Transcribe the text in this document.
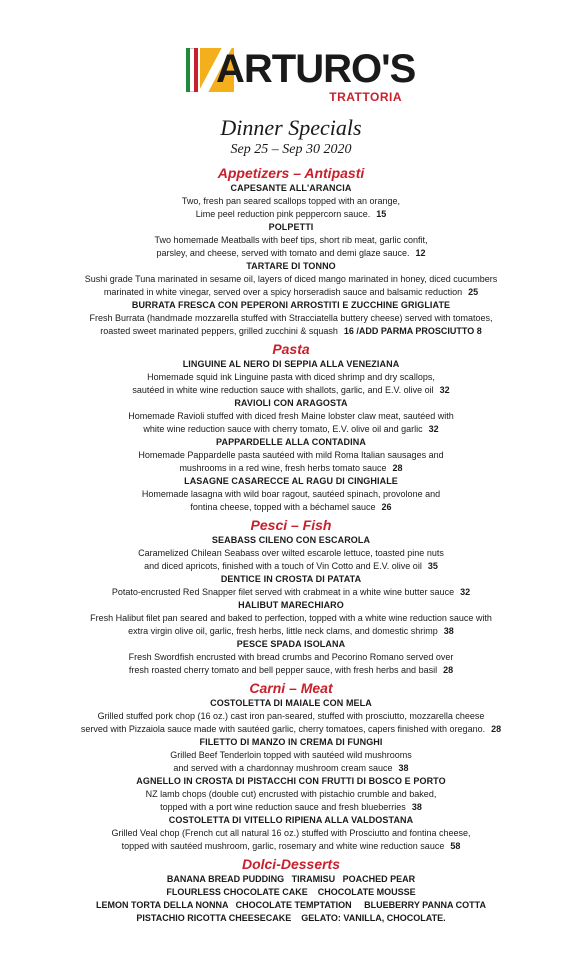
ARTURO'S
TRATTORIA
Dinner Specials
Sep 25 – Sep 30 2020
Appetizers – Antipasti
CAPESANTE ALL'ARANCIA
Two, fresh pan seared scallops topped with an orange,
Lime peel reduction pink peppercorn sauce. 15
POLPETTI
Two homemade Meatballs with beef tips, short rib meat, garlic confit,
parsley, and cheese, served with tomato and demi glaze sauce. 12
TARTARE DI TONNO
Sushi grade Tuna marinated in sesame oil, layers of diced mango marinated in honey, diced cucumbers
marinated in white vinegar, served over a spicy horseradish sauce and balsamic reduction 25
BURRATA FRESCA CON PEPERONI ARROSTITI E ZUCCHINE GRIGLIATE
Fresh Burrata (handmade mozzarella stuffed with Stracciatella buttery cheese) served with tomatoes,
roasted sweet marinated peppers, grilled zucchini & squash 16 /ADD PARMA PROSCIUTTO 8
Pasta
LINGUINE AL NERO DI SEPPIA ALLA VENEZIANA
Homemade squid ink Linguine pasta with diced shrimp and dry scallops,
sautéed in white wine reduction sauce with shallots, garlic, and E.V. olive oil 32
RAVIOLI CON ARAGOSTA
Homemade Ravioli stuffed with diced fresh Maine lobster claw meat, sautéed with
white wine reduction sauce with cherry tomato, E.V. olive oil and garlic 32
PAPPARDELLE ALLA CONTADINA
Homemade Pappardelle pasta sautéed with mild Roma Italian sausages and
mushrooms in a red wine, fresh herbs tomato sauce 28
LASAGNE CASARECCE AL RAGU DI CINGHIALE
Homemade lasagna with wild boar ragout, sautéed spinach, provolone and
fontina cheese, topped with a béchamel sauce 26
Pesci – Fish
SEABASS CILENO CON ESCAROLA
Caramelized Chilean Seabass over wilted escarole lettuce, toasted pine nuts
and diced apricots, finished with a touch of Vin Cotto and E.V. olive oil 35
DENTICE IN CROSTA DI PATATA
Potato-encrusted Red Snapper filet served with crabmeat in a white wine butter sauce 32
HALIBUT MARECHIARO
Fresh Halibut filet pan seared and baked to perfection, topped with a white wine reduction sauce with
extra virgin olive oil, garlic, fresh herbs, little neck clams, and domestic shrimp 38
PESCE SPADA ISOLANA
Fresh Swordfish encrusted with bread crumbs and Pecorino Romano served over
fresh roasted cherry tomato and bell pepper sauce, with fresh herbs and basil 28
Carni – Meat
COSTOLETTA DI MAIALE CON MELA
Grilled stuffed pork chop (16 oz.) cast iron pan-seared, stuffed with prosciutto, mozzarella cheese
served with Pizzaiola sauce made with sautéed garlic, cherry tomatoes, capers finished with oregano. 28
FILETTO DI MANZO IN CREMA DI FUNGHI
Grilled Beef Tenderloin topped with sautéed wild mushrooms
and served with a chardonnay mushroom cream sauce 38
AGNELLO IN CROSTA DI PISTACCHI CON FRUTTI DI BOSCO E PORTO
NZ lamb chops (double cut) encrusted with pistachio crumble and baked,
topped with a port wine reduction sauce and fresh blueberries 38
COSTOLETTA DI VITELLO RIPIENA ALLA VALDOSTANA
Grilled Veal chop (French cut all natural 16 oz.) stuffed with Prosciutto and fontina cheese,
topped with sautéed mushroom, garlic, rosemary and white wine reduction sauce 58
Dolci-Desserts
BANANA BREAD PUDDING   TIRAMISU   POACHED PEAR
FLOURLESS CHOCOLATE CAKE    CHOCOLATE MOUSSE
LEMON TORTA DELLA NONNA   CHOCOLATE TEMPTATION     BLUEBERRY PANNA COTTA
PISTACHIO RICOTTA CHEESECAKE    GELATO: VANILLA, CHOCOLATE.
